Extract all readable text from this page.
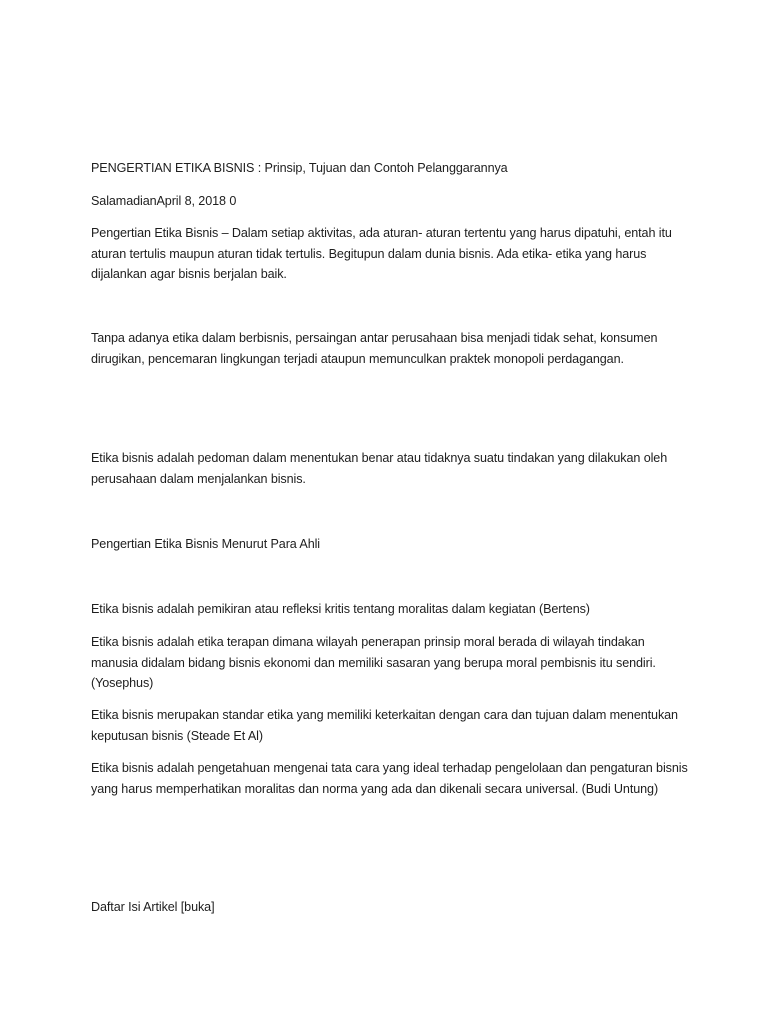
PENGERTIAN ETIKA BISNIS : Prinsip, Tujuan dan Contoh Pelanggarannya

SalamadianApril 8, 2018 0

Pengertian Etika Bisnis – Dalam setiap aktivitas, ada aturan- aturan tertentu yang harus dipatuhi, entah itu aturan tertulis maupun aturan tidak tertulis. Begitupun dalam dunia bisnis. Ada etika- etika yang harus dijalankan agar bisnis berjalan baik.

Tanpa adanya etika dalam berbisnis, persaingan antar perusahaan bisa menjadi tidak sehat, konsumen dirugikan, pencemaran lingkungan terjadi ataupun memunculkan praktek monopoli perdagangan.

Etika bisnis adalah pedoman dalam menentukan benar atau tidaknya suatu tindakan yang dilakukan oleh perusahaan dalam menjalankan bisnis.

Pengertian Etika Bisnis Menurut Para Ahli

Etika bisnis adalah pemikiran atau refleksi kritis tentang moralitas dalam kegiatan (Bertens)

Etika bisnis adalah etika terapan dimana wilayah penerapan prinsip moral berada di wilayah tindakan manusia didalam bidang bisnis ekonomi dan memiliki sasaran yang berupa moral pembisnis itu sendiri. (Yosephus)

Etika bisnis merupakan standar etika yang memiliki keterkaitan dengan cara dan tujuan dalam menentukan keputusan bisnis (Steade Et Al)

Etika bisnis adalah pengetahuan mengenai tata cara yang ideal terhadap pengelolaan dan pengaturan bisnis yang harus memperhatikan moralitas dan norma yang ada dan dikenali secara universal. (Budi Untung)

Daftar Isi Artikel [buka]
